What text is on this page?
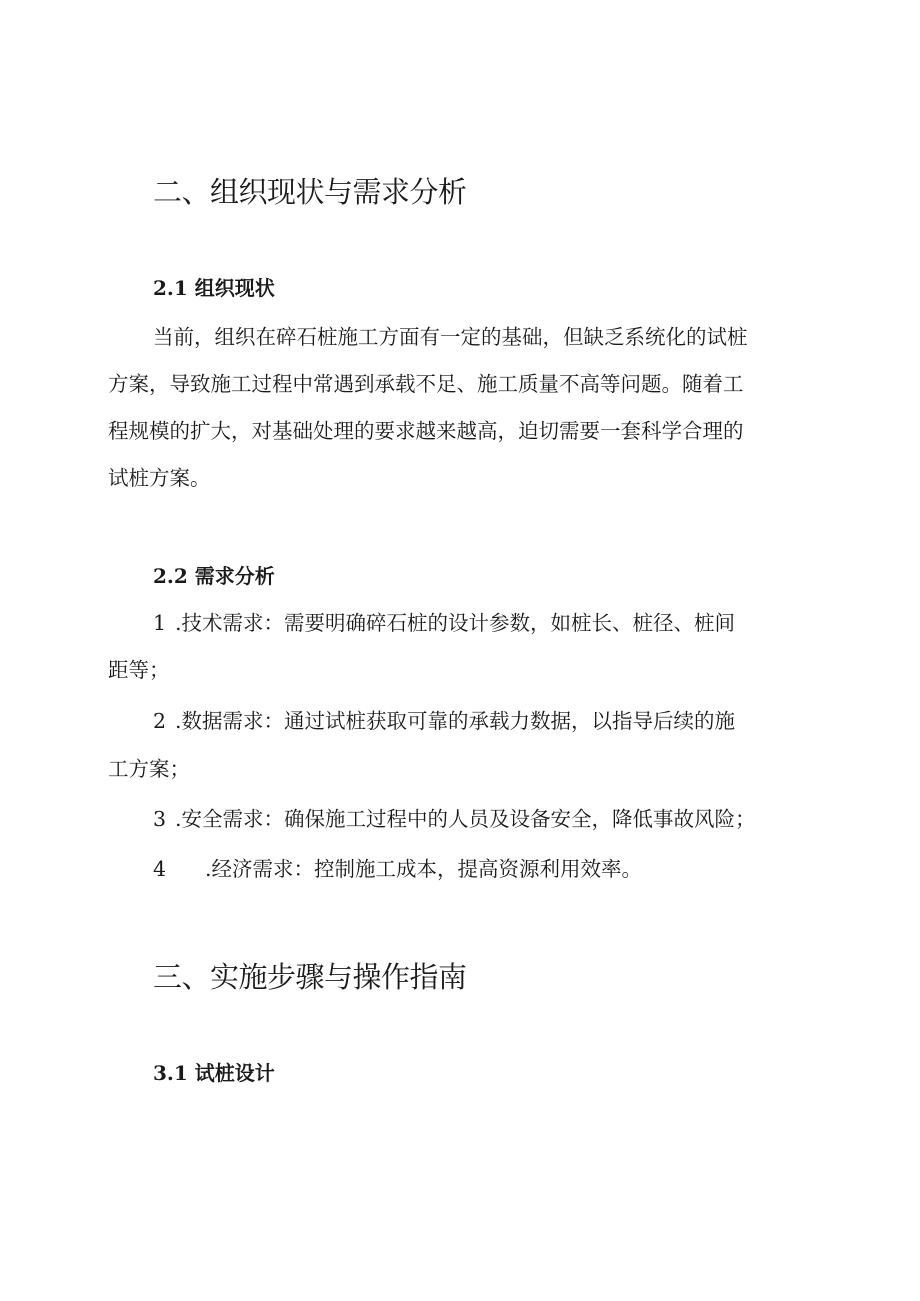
二、组织现状与需求分析
2.1 组织现状

当前，组织在碎石桩施工方面有一定的基础，但缺乏系统化的试桩

方案，导致施工过程中常遇到承载不足、施工质量不高等问题。随着工

程规模的扩大，对基础处理的要求越来越高，迫切需要一套科学合理的

试桩方案。

2.2 需求分析

1 .技术需求：需要明确碎石桩的设计参数，如桩长、桩径、桩间

距等；

2 .数据需求：通过试桩获取可靠的承载力数据，以指导后续的施

工方案；

3 .安全需求：确保施工过程中的人员及设备安全，降低事故风险；

4 .经济需求：控制施工成本，提高资源利用效率。

三、实施步骤与操作指南
3.1 试桩设计
